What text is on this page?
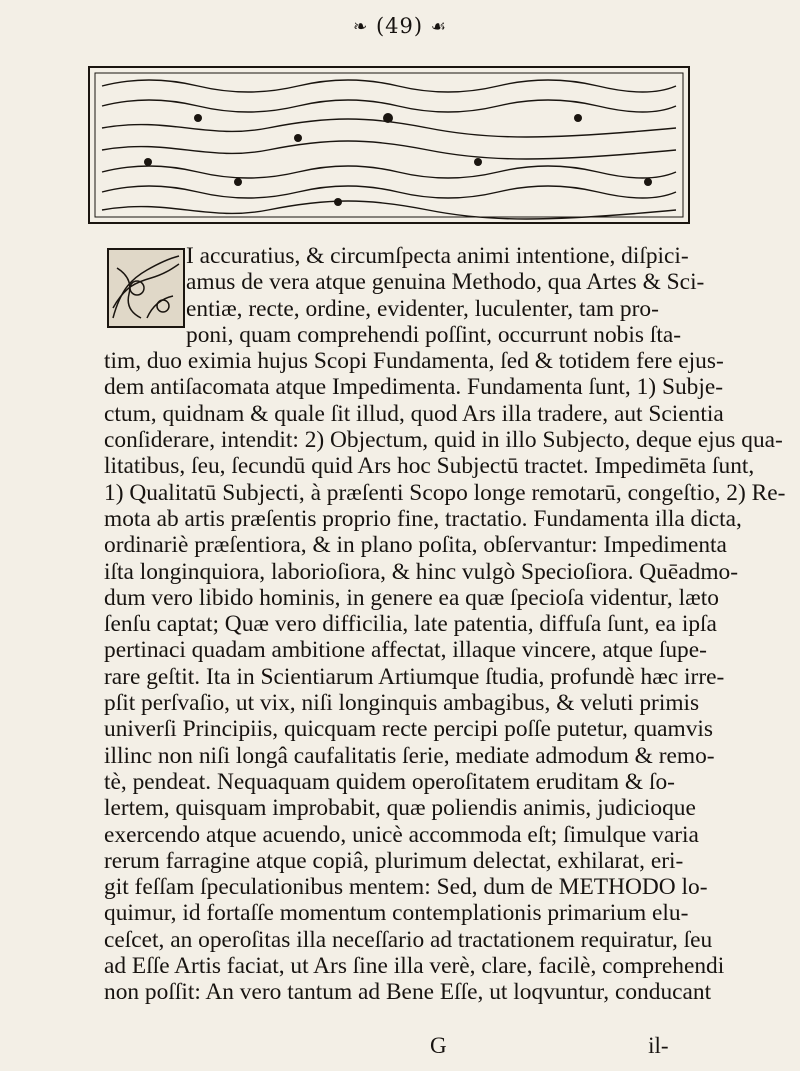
❧ (49) ☙
I accuratius, & circumſpecta animi intentione, diſpici-
amus de vera atque genuina Methodo, qua Artes & Sci-
entiæ, recte, ordine, evidenter, luculenter, tam pro-
poni, quam comprehendi poſſint, occurrunt nobis ſta-
tim, duo eximia hujus Scopi Fundamenta, ſed & totidem fere ejus-
dem antiſacomata atque Impedimenta. Fundamenta ſunt, 1) Subje-
ctum, quidnam & quale ſit illud, quod Ars illa tradere, aut Scientia
conſiderare, intendit: 2) Objectum, quid in illo Subjecto, deque ejus qua-
litatibus, ſeu, ſecundū quid Ars hoc Subjectū tractet. Impedimēta ſunt,
1) Qualitatū Subjecti, à præſenti Scopo longe remotarū, congeſtio, 2) Re-
mota ab artis præſentis proprio fine, tractatio. Fundamenta illa dicta,
ordinariè præſentiora, & in plano poſita, obſervantur: Impedimenta
iſta longinquiora, laborioſiora, & hinc vulgò Specioſiora. Quēadmo-
dum vero libido hominis, in genere ea quæ ſpecioſa videntur, læto
ſenſu captat; Quæ vero difficilia, late patentia, diffuſa ſunt, ea ipſa
pertinaci quadam ambitione affectat, illaque vincere, atque ſupe-
rare geſtit. Ita in Scientiarum Artiumque ſtudia, profundè hæc irre-
pſit perſvaſio, ut vix, niſi longinquis ambagibus, & veluti primis
univerſi Principiis, quicquam recte percipi poſſe putetur, quamvis
illinc non niſi longâ caufalitatis ſerie, mediate admodum & remo-
tè, pendeat. Nequaquam quidem operoſitatem eruditam & ſo-
lertem, quisquam improbabit, quæ poliendis animis, judicioque
exercendo atque acuendo, unicè accommoda eſt; ſimulque varia
rerum farragine atque copiâ, plurimum delectat, exhilarat, eri-
git feſſam ſpeculationibus mentem: Sed, dum de METHODO lo-
quimur, id fortaſſe momentum contemplationis primarium elu-
ceſcet, an operoſitas illa neceſſario ad tractationem requiratur, ſeu
ad Eſſe Artis faciat, ut Ars ſine illa verè, clare, facilè, comprehendi
non poſſit: An vero tantum ad Bene Eſſe, ut loqvuntur, conducant
G	il-
